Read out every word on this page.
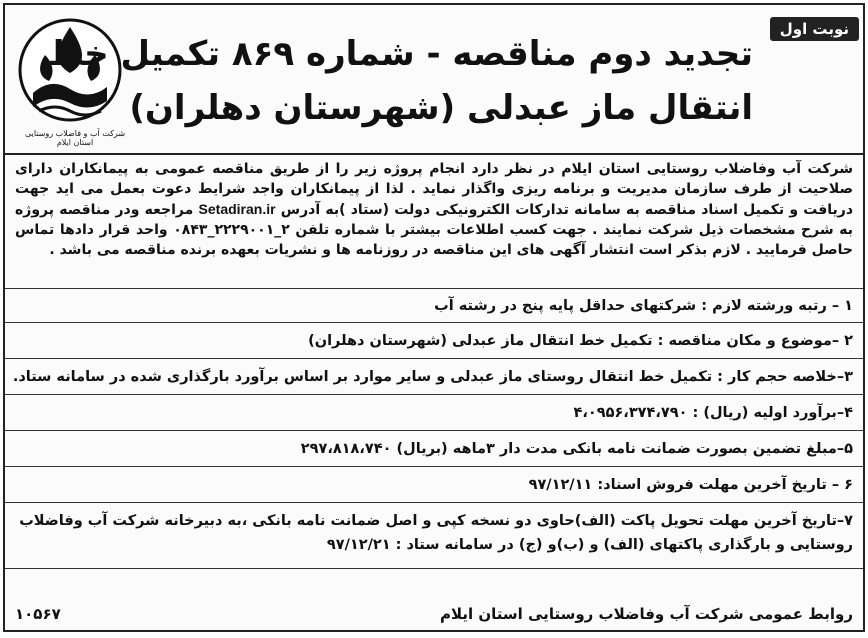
شرکت آب و فاضلاب روستایی استان ایلام
نوبت اول
تجدید دوم مناقصه - شماره ۸۶۹ تکمیل خط
انتقال ماز عبدلی (شهرستان دهلران)
شرکت آب وفاضلاب روستایی استان ایلام در نظر دارد انجام پروژه زیر را از طریق مناقصه عمومی به پیمانکاران دارای صلاحیت از طرف سازمان مدیریت و برنامه ریزی واگذار نماید . لذا از پیمانکاران واجد شرایط دعوت بعمل می اید جهت دریافت و تکمیل اسناد مناقصه به سامانه تدارکات الکترونیکی دولت (ستاد )به آدرس Setadiran.ir مراجعه ودر مناقصه پروژه به شرح مشخصات ذیل شرکت نمایند . جهت کسب اطلاعات بیشتر با شماره تلفن ۲_۲۲۲۹۰۰۱_۰۸۴۳ واحد قرار دادها تماس حاصل فرمایید . لازم بذکر است انتشار آگهی های این مناقصه در روزنامه ها و نشریات بعهده برنده مناقصه می باشد .
۱ – رتبه ورشته لازم : شرکتهای حداقل پایه پنج در رشته آب
۲ –موضوع و مکان مناقصه : تکمیل خط انتقال ماز عبدلی (شهرستان دهلران)
۳–خلاصه حجم کار : تکمیل خط انتقال روستای ماز عبدلی و سایر موارد بر اساس برآورد بارگذاری شده در سامانه ستاد.
۴–برآورد اولیه (ریال) : ۴،۰۹۵۶،۳۷۴،۷۹۰
۵–مبلغ تضمین بصورت ضمانت نامه بانکی مدت دار ۳ماهه (بریال) ۲۹۷،۸۱۸،۷۴۰
۶ – تاریخ آخرین مهلت فروش اسناد: ۹۷/۱۲/۱۱
۷–تاریخ آخرین مهلت تحویل پاکت (الف)حاوی دو نسخه کپی و اصل ضمانت نامه بانکی ،به دبیرخانه شرکت آب وفاضلاب روستایی و بارگذاری پاکتهای (الف) و (ب)و (ج) در سامانه ستاد : ۹۷/۱۲/۲۱
روابط عمومی شرکت آب وفاضلاب روستایی استان ایلام
۱۰۵۶۷
